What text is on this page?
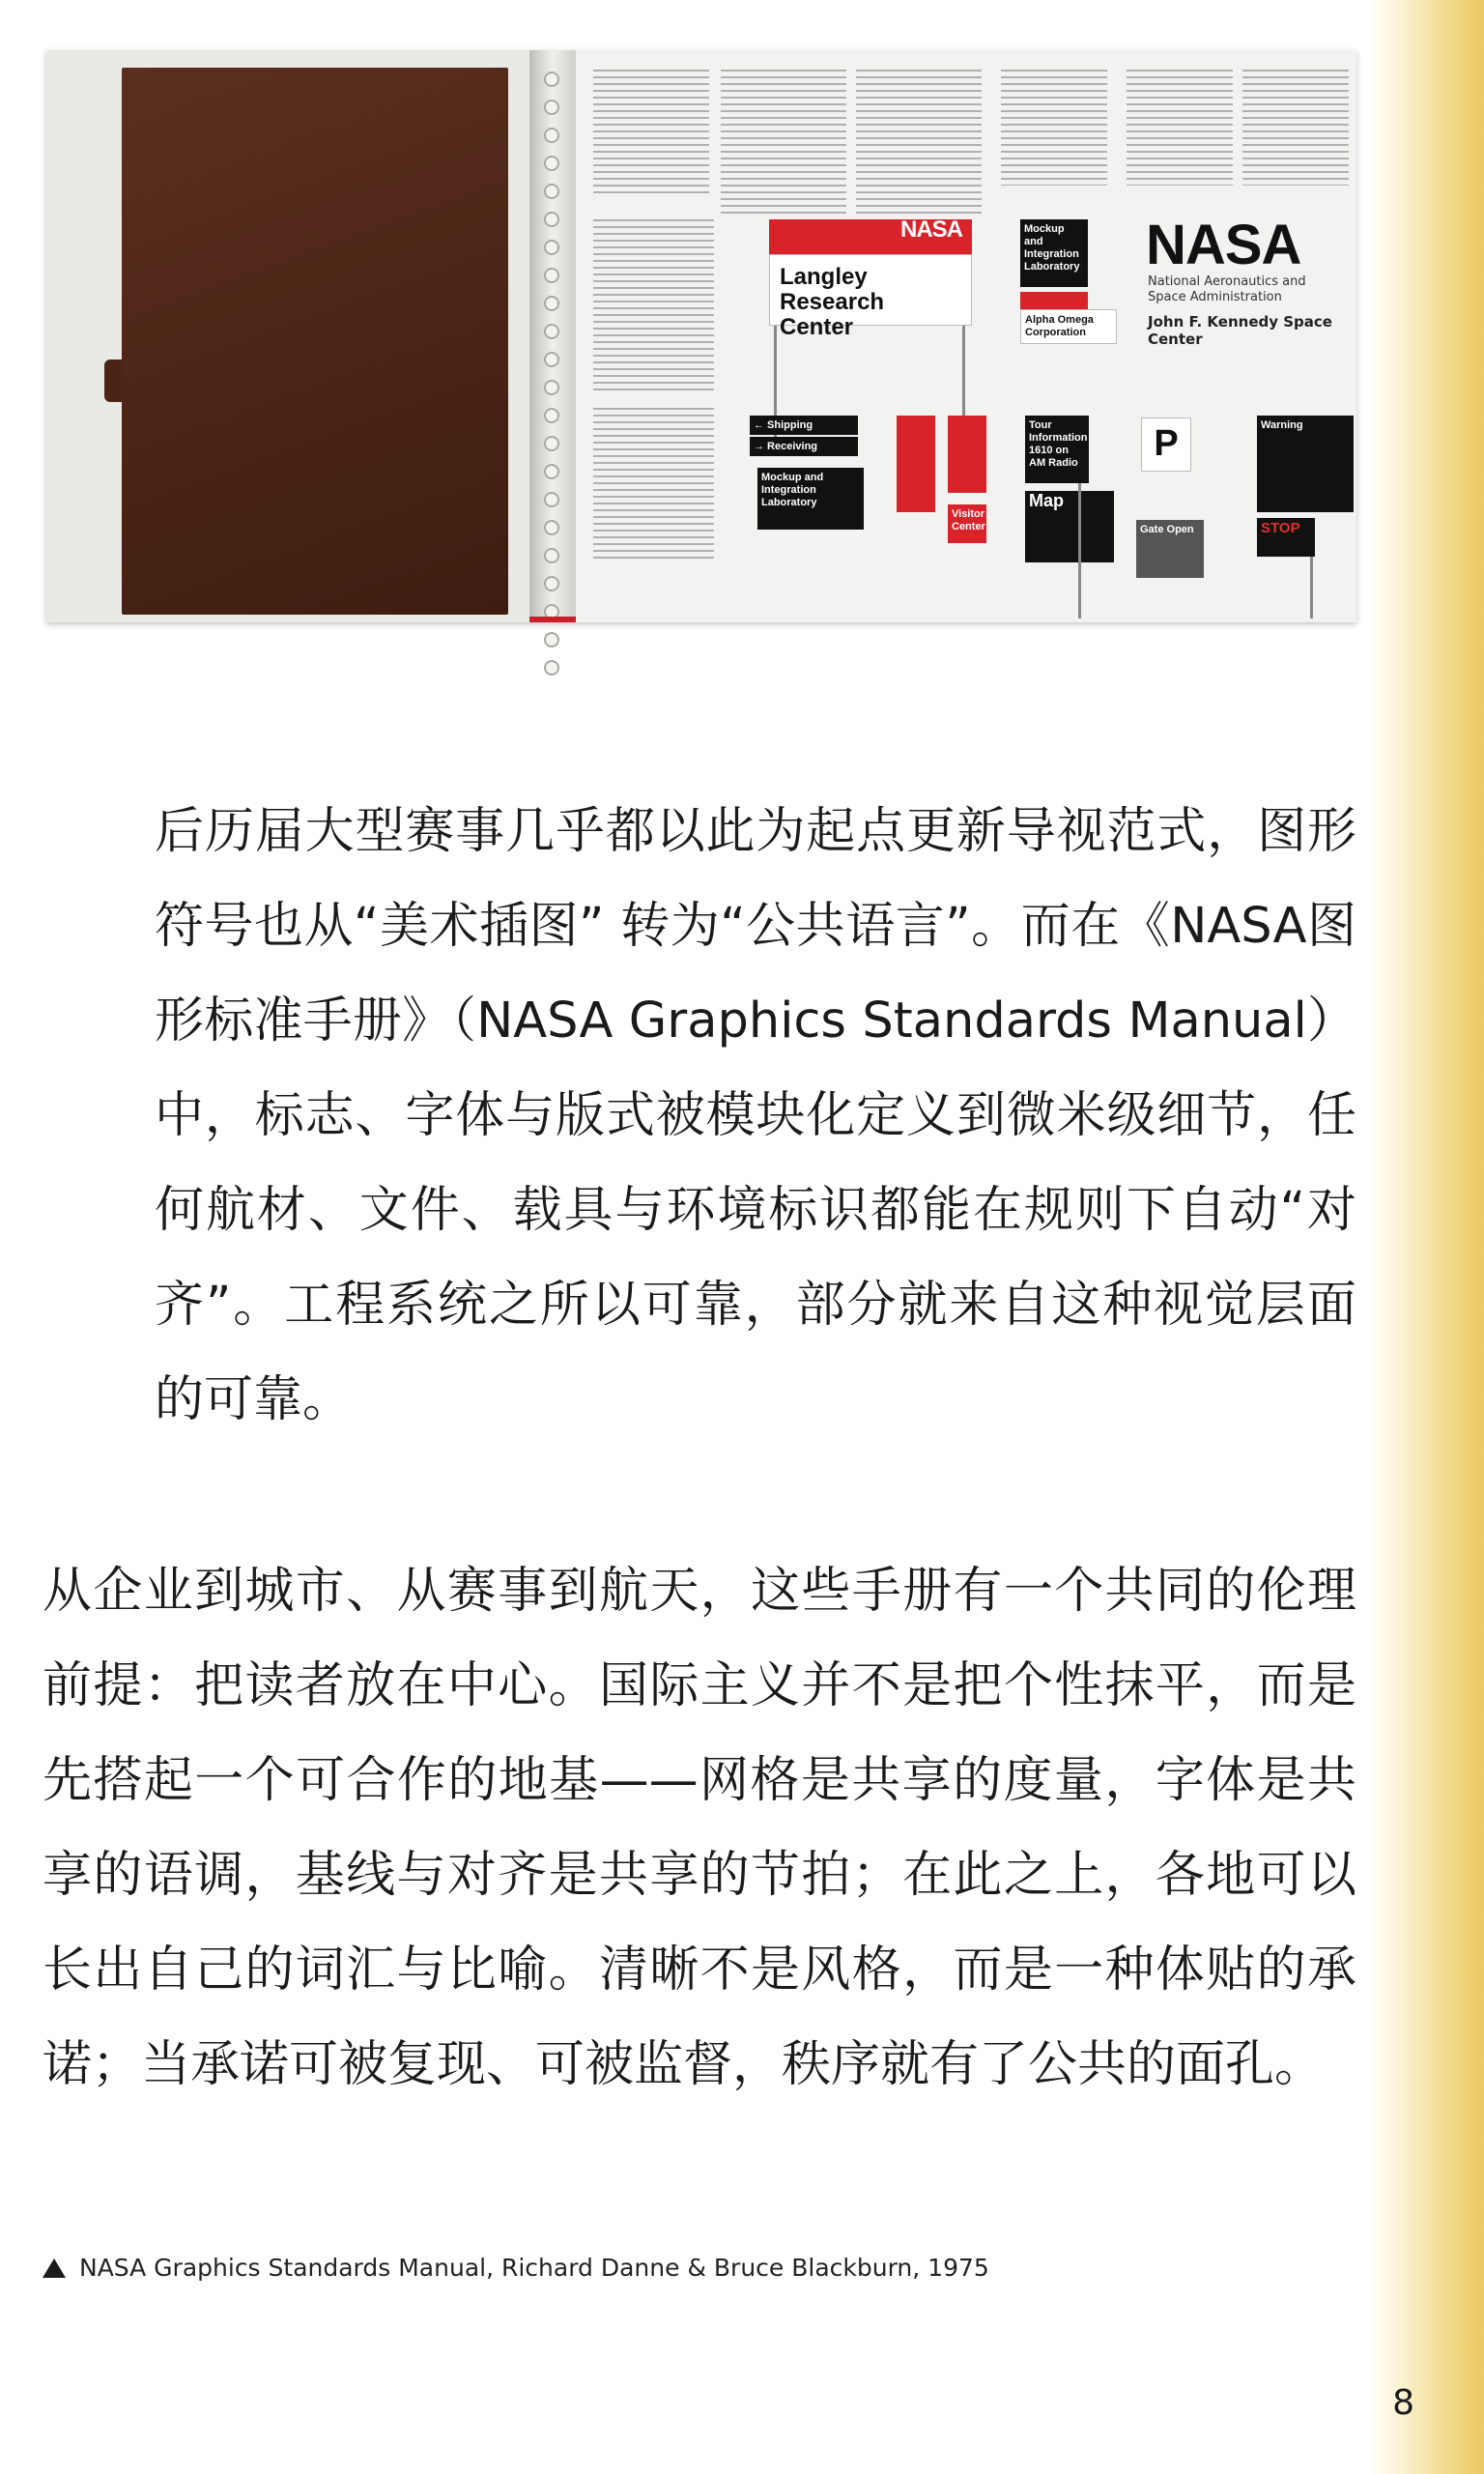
NASA
Langley Research Center
Mockup and Integration Laboratory
Alpha Omega Corporation
NASA
National Aeronautics and Space Administration
John F. Kennedy Space Center
← Shipping
→ Receiving
Mockup and Integration Laboratory
Visitor Center
Tour Information 1610 on AM Radio
Map
P
Gate Open
Warning
STOP

后历届大型赛事几乎都以此为起点更新导视范式，图形符号也从“美术插图” 转为“公共语言”。而在《NASA图形标准手册》（NASA Graphics Standards Manual）中，标志、字体与版式被模块化定义到微米级细节，任何航材、文件、载具与环境标识都能在规则下自动“对齐”。工程系统之所以可靠，部分就来自这种视觉层面的可靠。

从企业到城市、从赛事到航天，这些手册有一个共同的伦理前提：把读者放在中心。国际主义并不是把个性抹平，而是先搭起一个可合作的地基——网格是共享的度量，字体是共享的语调，基线与对齐是共享的节拍；在此之上，各地可以长出自己的词汇与比喻。清晰不是风格，而是一种体贴的承诺；当承诺可被复现、可被监督，秩序就有了公共的面孔。

NASA Graphics Standards Manual, Richard Danne & Bruce Blackburn, 1975
8
